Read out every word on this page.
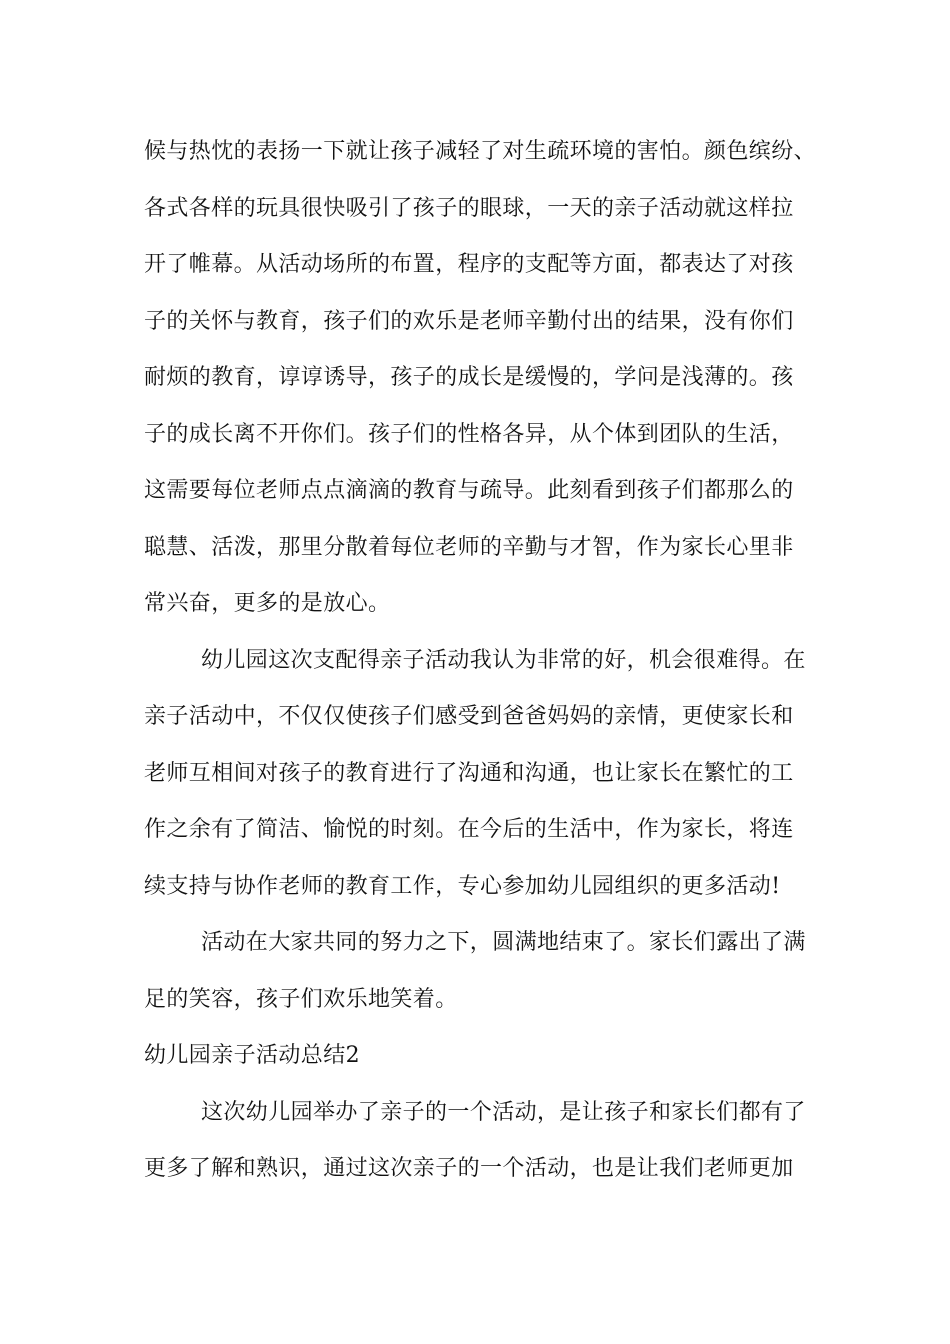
候与热忱的表扬一下就让孩子减轻了对生疏环境的害怕。颜色缤纷、
各式各样的玩具很快吸引了孩子的眼球，一天的亲子活动就这样拉
开了帷幕。从活动场所的布置，程序的支配等方面，都表达了对孩
子的关怀与教育，孩子们的欢乐是老师辛勤付出的结果，没有你们
耐烦的教育，谆谆诱导，孩子的成长是缓慢的，学问是浅薄的。孩
子的成长离不开你们。孩子们的性格各异，从个体到团队的生活，
这需要每位老师点点滴滴的教育与疏导。此刻看到孩子们都那么的
聪慧、活泼，那里分散着每位老师的辛勤与才智，作为家长心里非
常兴奋，更多的是放心。
幼儿园这次支配得亲子活动我认为非常的好，机会很难得。在
亲子活动中，不仅仅使孩子们感受到爸爸妈妈的亲情，更使家长和
老师互相间对孩子的教育进行了沟通和沟通，也让家长在繁忙的工
作之余有了简洁、愉悦的时刻。在今后的生活中，作为家长，将连
续支持与协作老师的教育工作，专心参加幼儿园组织的更多活动!
活动在大家共同的努力之下，圆满地结束了。家长们露出了满
足的笑容，孩子们欢乐地笑着。
幼儿园亲子活动总结2
这次幼儿园举办了亲子的一个活动，是让孩子和家长们都有了
更多了解和熟识，通过这次亲子的一个活动，也是让我们老师更加
